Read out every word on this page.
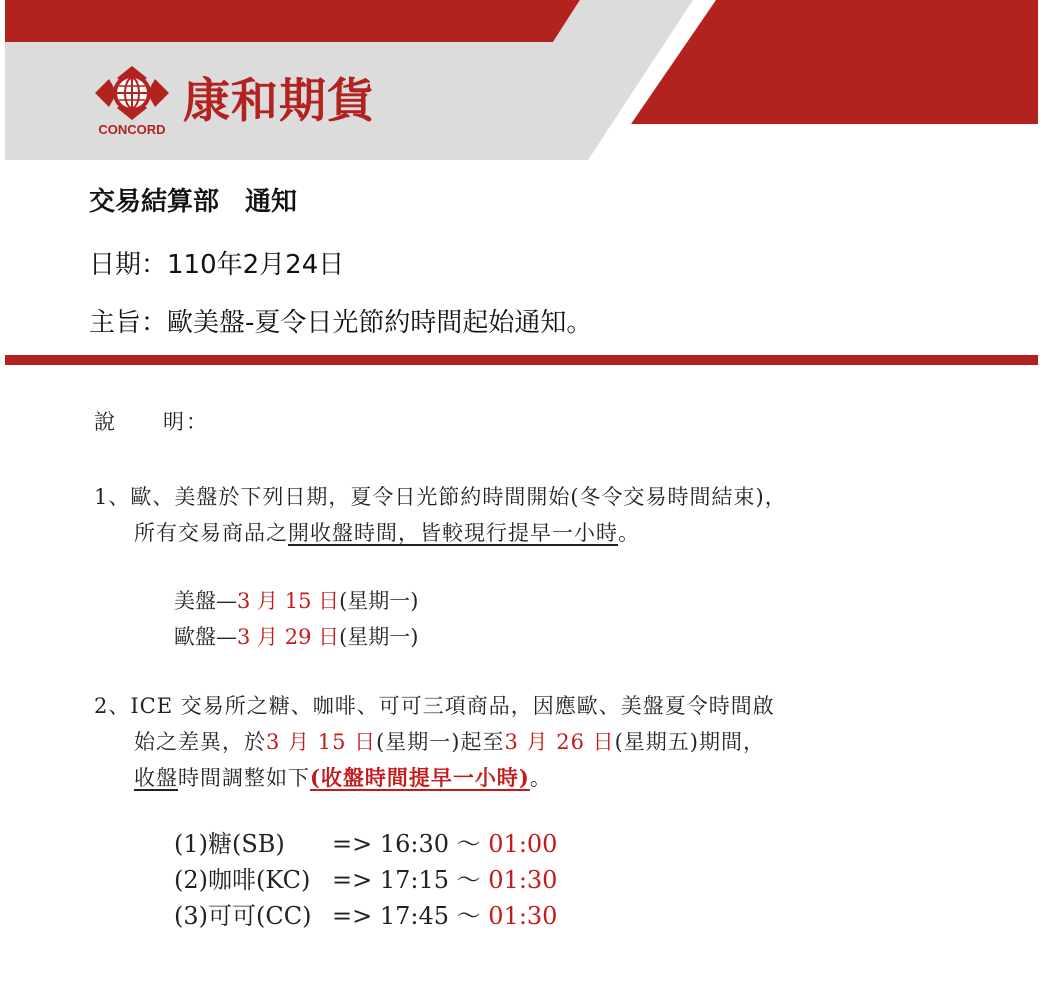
CONCORD
康和期貨
交易結算部　通知
日期：110年2月24日
主旨：歐美盤-夏令日光節約時間起始通知。
說　　明：
1、歐、美盤於下列日期，夏令日光節約時間開始(冬令交易時間結束)，
所有交易商品之開收盤時間，皆較現行提早一小時。
美盤—3 月 15 日(星期一)
歐盤—3 月 29 日(星期一)
2、ICE 交易所之糖、咖啡、可可三項商品，因應歐、美盤夏令時間啟
始之差異，於3 月 15 日(星期一)起至3 月 26 日(星期五)期間，
收盤時間調整如下(收盤時間提早一小時)。
(1)糖(SB) => 16:30 ～ 01:00
(2)咖啡(KC) => 17:15 ～ 01:30
(3)可可(CC) => 17:45 ～ 01:30
